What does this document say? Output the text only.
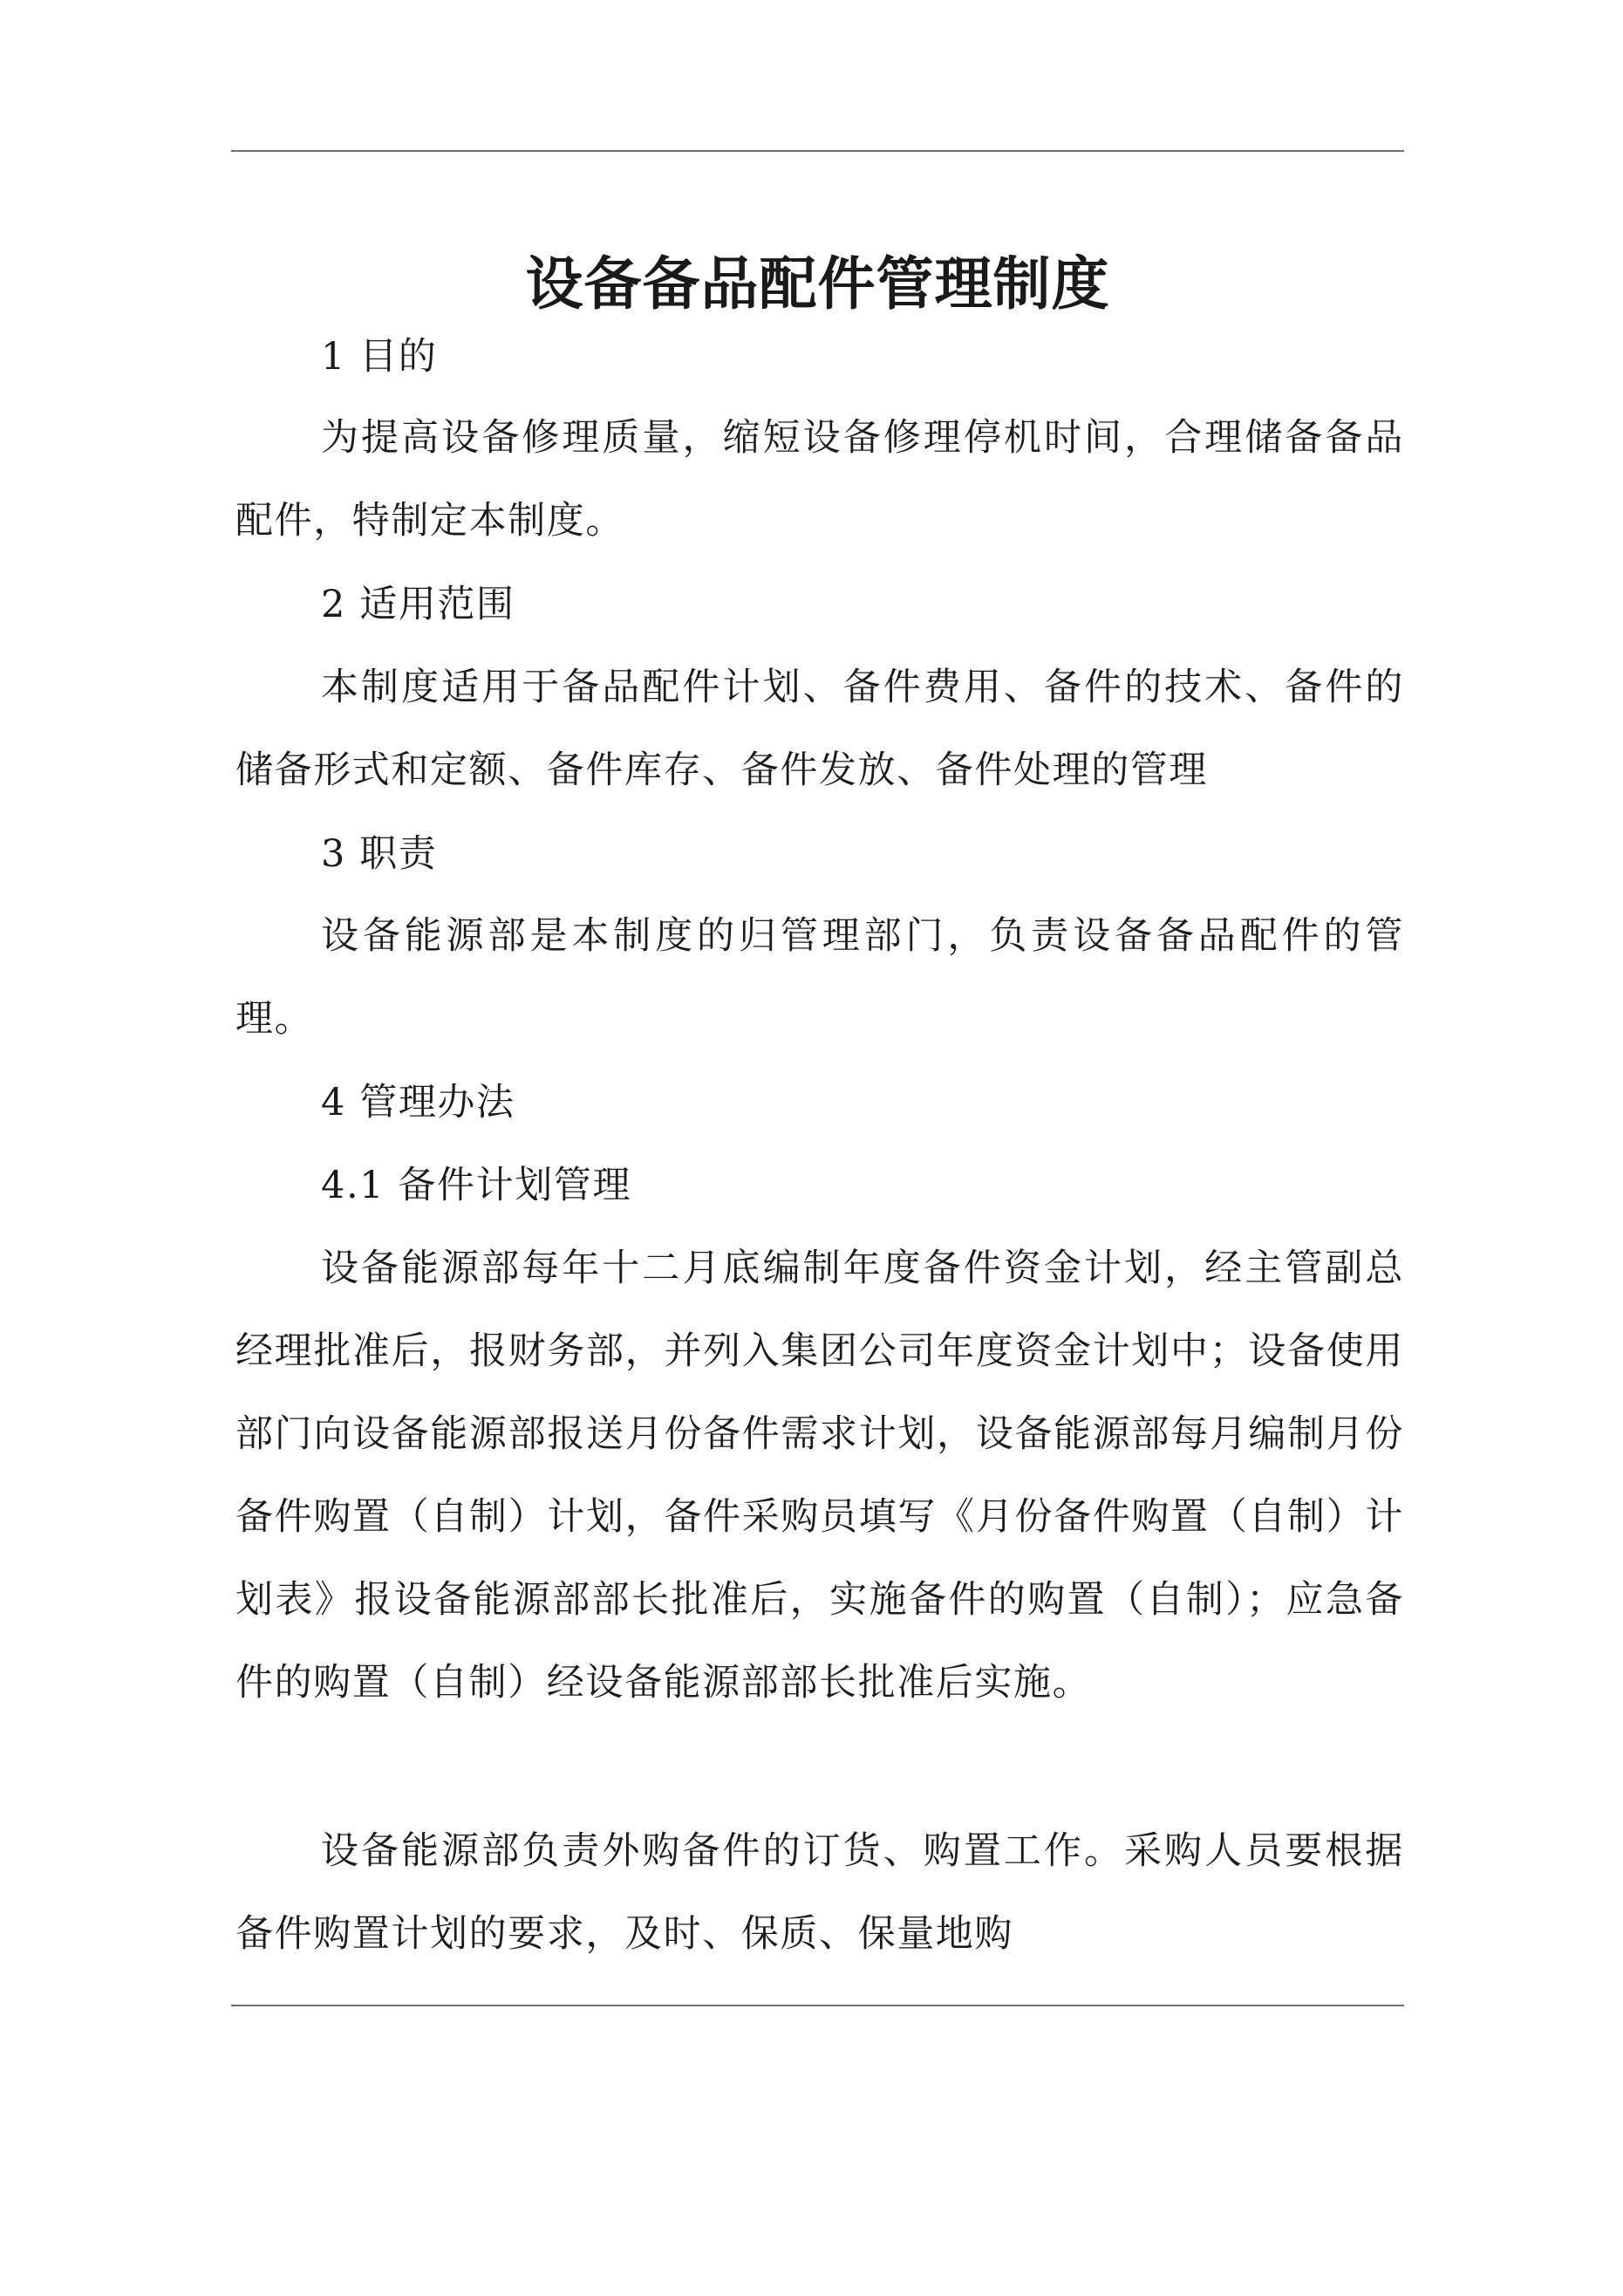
设备备品配件管理制度

1 目的

为提高设备修理质量，缩短设备修理停机时间，合理储备备品配件，特制定本制度。

2 适用范围

本制度适用于备品配件计划、备件费用、备件的技术、备件的储备形式和定额、备件库存、备件发放、备件处理的管理

3 职责

设备能源部是本制度的归管理部门，负责设备备品配件的管理。

4 管理办法

4.1 备件计划管理

设备能源部每年十二月底编制年度备件资金计划，经主管副总经理批准后，报财务部，并列入集团公司年度资金计划中；设备使用部门向设备能源部报送月份备件需求计划，设备能源部每月编制月份备件购置（自制）计划，备件采购员填写《月份备件购置（自制）计划表》报设备能源部部长批准后，实施备件的购置（自制）；应急备件的购置（自制）经设备能源部部长批准后实施。

设备能源部负责外购备件的订货、购置工作。采购人员要根据备件购置计划的要求，及时、保质、保量地购
